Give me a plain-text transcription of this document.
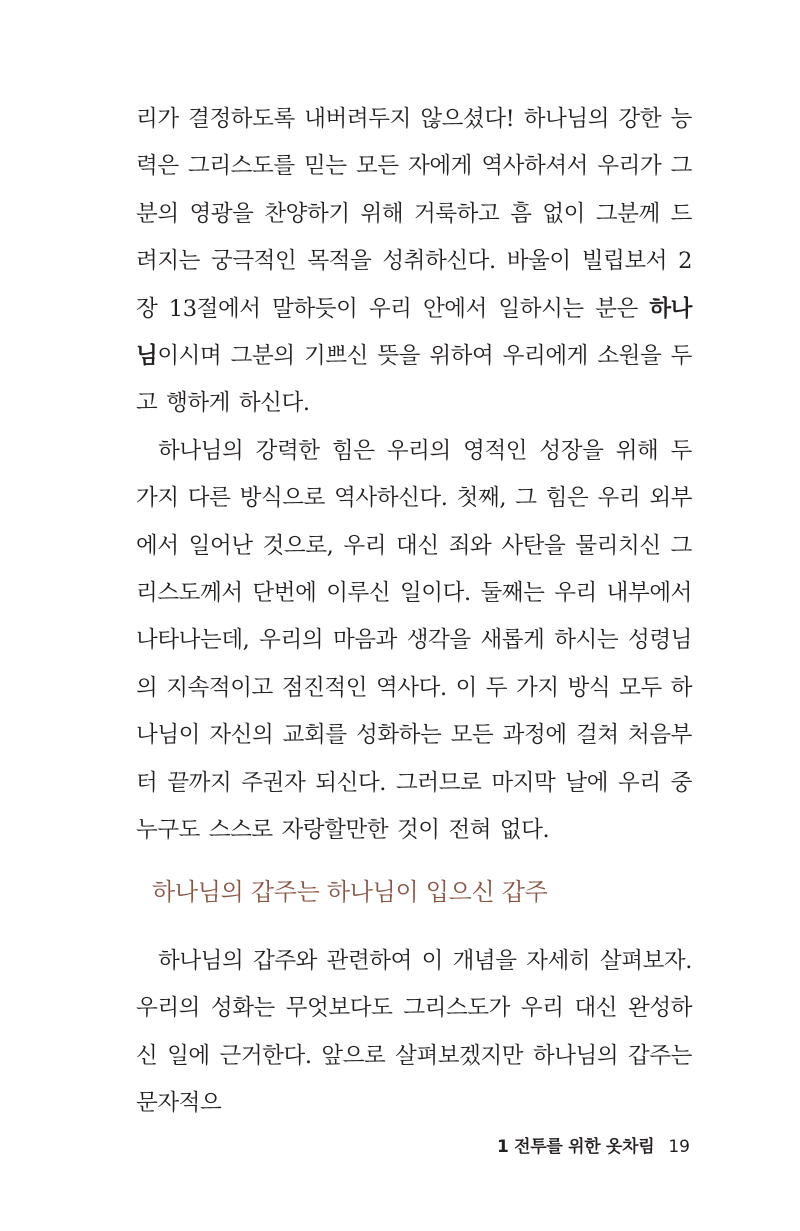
리가 결정하도록 내버려두지 않으셨다! 하나님의 강한 능력은 그리스도를 믿는 모든 자에게 역사하셔서 우리가 그분의 영광을 찬양하기 위해 거룩하고 흠 없이 그분께 드려지는 궁극적인 목적을 성취하신다. 바울이 빌립보서 2장 13절에서 말하듯이 우리 안에서 일하시는 분은 하나님이시며 그분의 기쁘신 뜻을 위하여 우리에게 소원을 두고 행하게 하신다.

하나님의 강력한 힘은 우리의 영적인 성장을 위해 두 가지 다른 방식으로 역사하신다. 첫째, 그 힘은 우리 외부에서 일어난 것으로, 우리 대신 죄와 사탄을 물리치신 그리스도께서 단번에 이루신 일이다. 둘째는 우리 내부에서 나타나는데, 우리의 마음과 생각을 새롭게 하시는 성령님의 지속적이고 점진적인 역사다. 이 두 가지 방식 모두 하나님이 자신의 교회를 성화하는 모든 과정에 걸쳐 처음부터 끝까지 주권자 되신다. 그러므로 마지막 날에 우리 중 누구도 스스로 자랑할만한 것이 전혀 없다.

하나님의 갑주는 하나님이 입으신 갑주

하나님의 갑주와 관련하여 이 개념을 자세히 살펴보자. 우리의 성화는 무엇보다도 그리스도가 우리 대신 완성하신 일에 근거한다. 앞으로 살펴보겠지만 하나님의 갑주는 문자적으

1 전투를 위한 옷차림 19
